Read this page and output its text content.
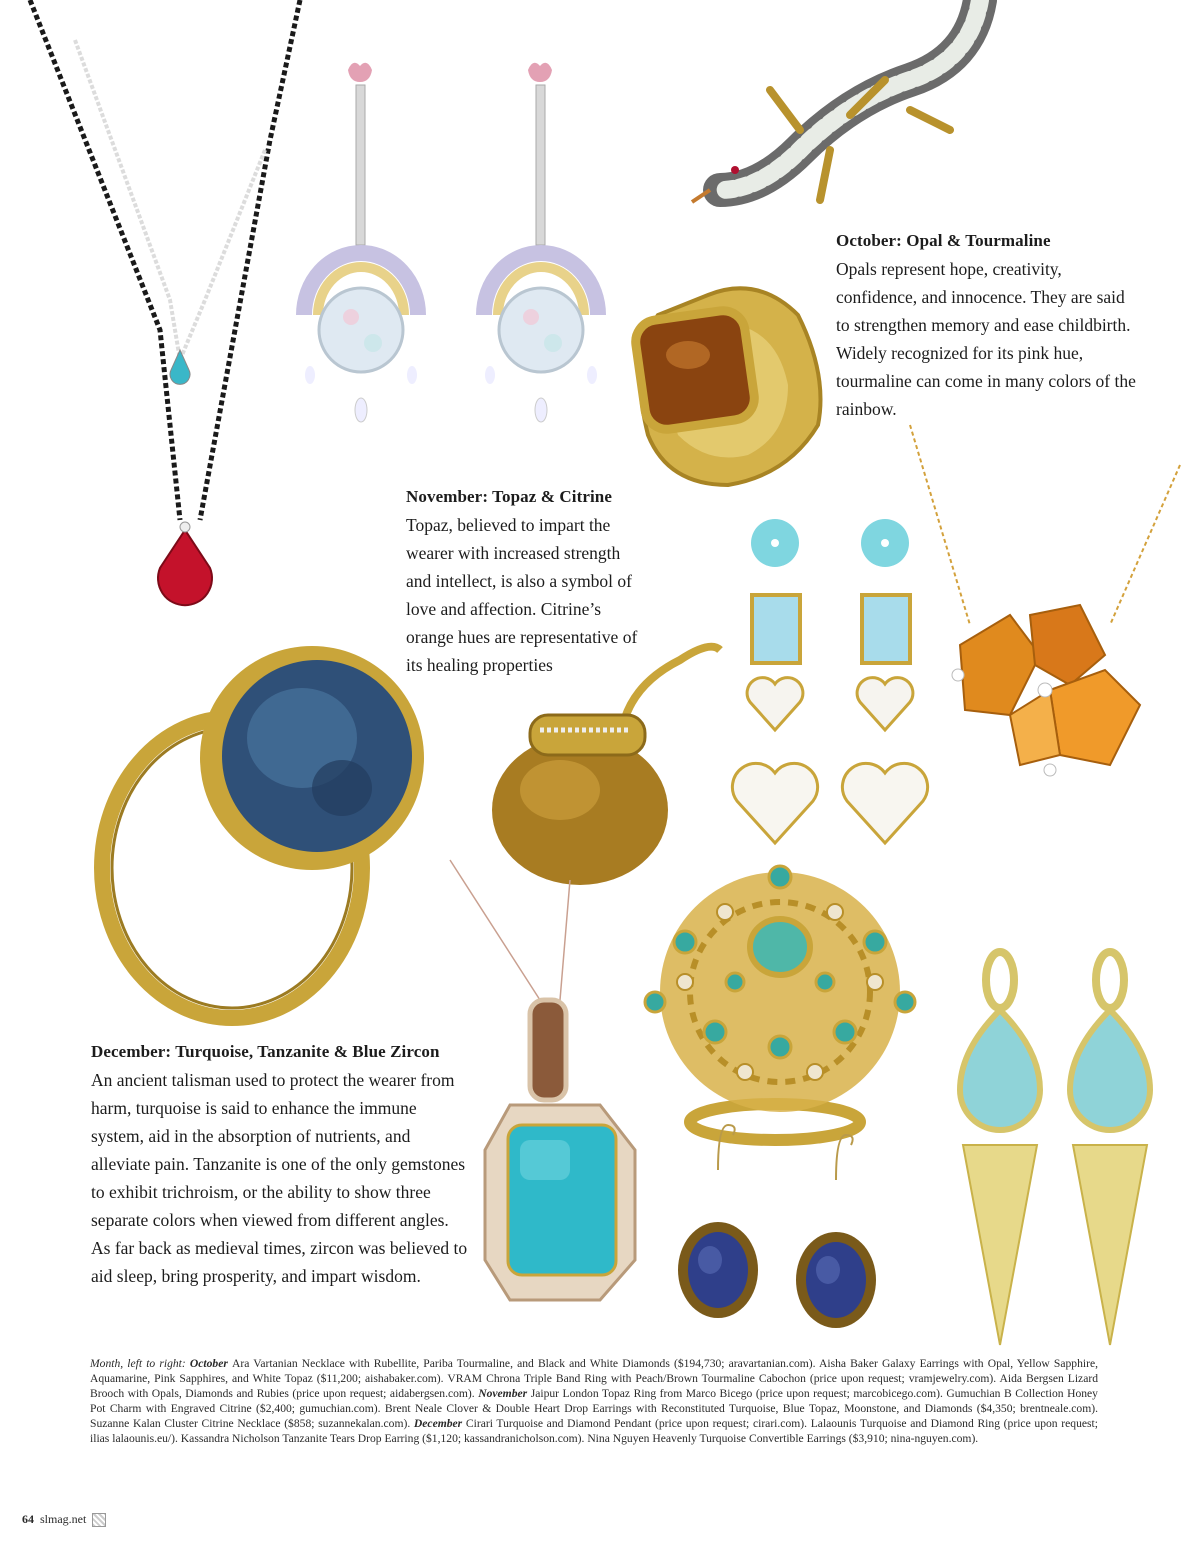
October: Opal & Tourmaline

Opals represent hope, creativity, confidence, and innocence. They are said to strengthen memory and ease childbirth. Widely recognized for its pink hue, tourmaline can come in many colors of the rainbow.

November: Topaz & Citrine

Topaz, believed to impart the wearer with increased strength and intellect, is also a symbol of love and affection. Citrine’s orange hues are representative of its healing properties

December: Turquoise, Tanzanite & Blue Zircon

An ancient talisman used to protect the wearer from harm, turquoise is said to enhance the immune system, aid in the absorption of nutrients, and alleviate pain. Tanzanite is one of the only gemstones to exhibit trichroism, or the ability to show three separate colors when viewed from different angles. As far back as medieval times, zircon was believed to aid sleep, bring prosperity, and impart wisdom.

Month, left to right: October Ara Vartanian Necklace with Rubellite, Pariba Tourmaline, and Black and White Diamonds ($194,730; aravartanian.com). Aisha Baker Galaxy Earrings with Opal, Yellow Sapphire, Aquamarine, Pink Sapphires, and White Topaz ($11,200; aishabaker.com). VRAM Chrona Triple Band Ring with Peach/Brown Tourmaline Cabochon (price upon request; vramjewelry.com). Aida Bergsen Lizard Brooch with Opals, Diamonds and Rubies (price upon request; aidabergsen.com). November Jaipur London Topaz Ring from Marco Bicego (price upon request; marcobicego.com). Gumuchian B Collection Honey Pot Charm with Engraved Citrine ($2,400; gumuchian.com). Brent Neale Clover & Double Heart Drop Earrings with Reconstituted Turquoise, Blue Topaz, Moonstone, and Diamonds ($4,350; brentneale.com). Suzanne Kalan Cluster Citrine Necklace ($858; suzannekalan.com). December Cirari Turquoise and Diamond Pendant (price upon request; cirari.com). Lalaounis Turquoise and Diamond Ring (price upon request; ilias lalaounis.eu/). Kassandra Nicholson Tanzanite Tears Drop Earring ($1,120; kassandranicholson.com). Nina Nguyen Heavenly Turquoise Convertible Earrings ($3,910; nina-nguyen.com).
64 slmag.net
